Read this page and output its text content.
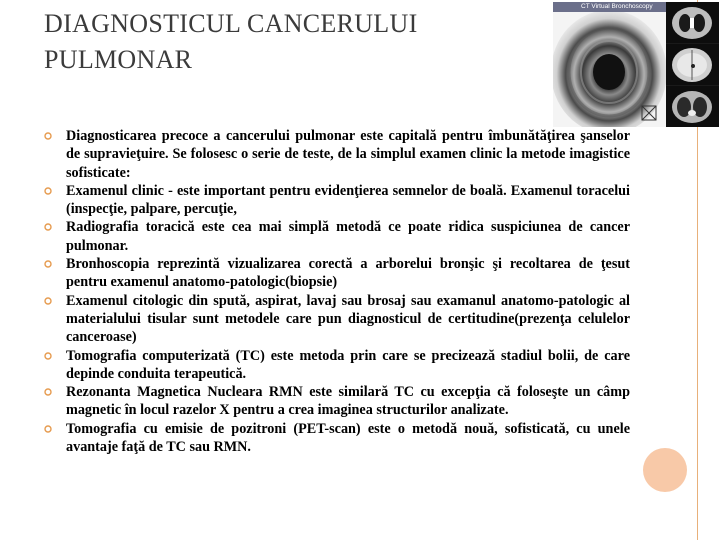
DIAGNOSTICUL CANCERULUI
PULMONAR
CT Virtual Bronchoscopy
Diagnosticarea precoce a cancerului pulmonar este capitală pentru îmbunătăţirea şanselor de supravieţuire. Se folosesc o serie de teste, de la simplul examen clinic la metode imagistice sofisticate:
Examenul clinic - este important pentru evidenţierea semnelor de boală. Examenul toracelui (inspecţie, palpare, percuţie,
Radiografia toracică este cea mai simplă metodă ce poate ridica suspiciunea de cancer pulmonar.
Bronhoscopia reprezintă vizualizarea corectă a arborelui bronşic şi recoltarea de ţesut pentru examenul anatomo-patologic(biopsie)
Examenul citologic din spută, aspirat, lavaj sau brosaj sau examanul anatomo-patologic al materialului tisular sunt metodele care pun diagnosticul de certitudine(prezenţa celulelor canceroase)
Tomografia computerizată (TC) este metoda prin care se precizează stadiul bolii, de care depinde conduita terapeutică.
Rezonanta Magnetica Nucleara RMN este similară TC cu excepţia că foloseşte un câmp magnetic în locul razelor X pentru a crea imaginea structurilor analizate.
Tomografia cu emisie de pozitroni (PET-scan) este o metodă nouă, sofisticată, cu unele avantaje faţă de TC sau RMN.
